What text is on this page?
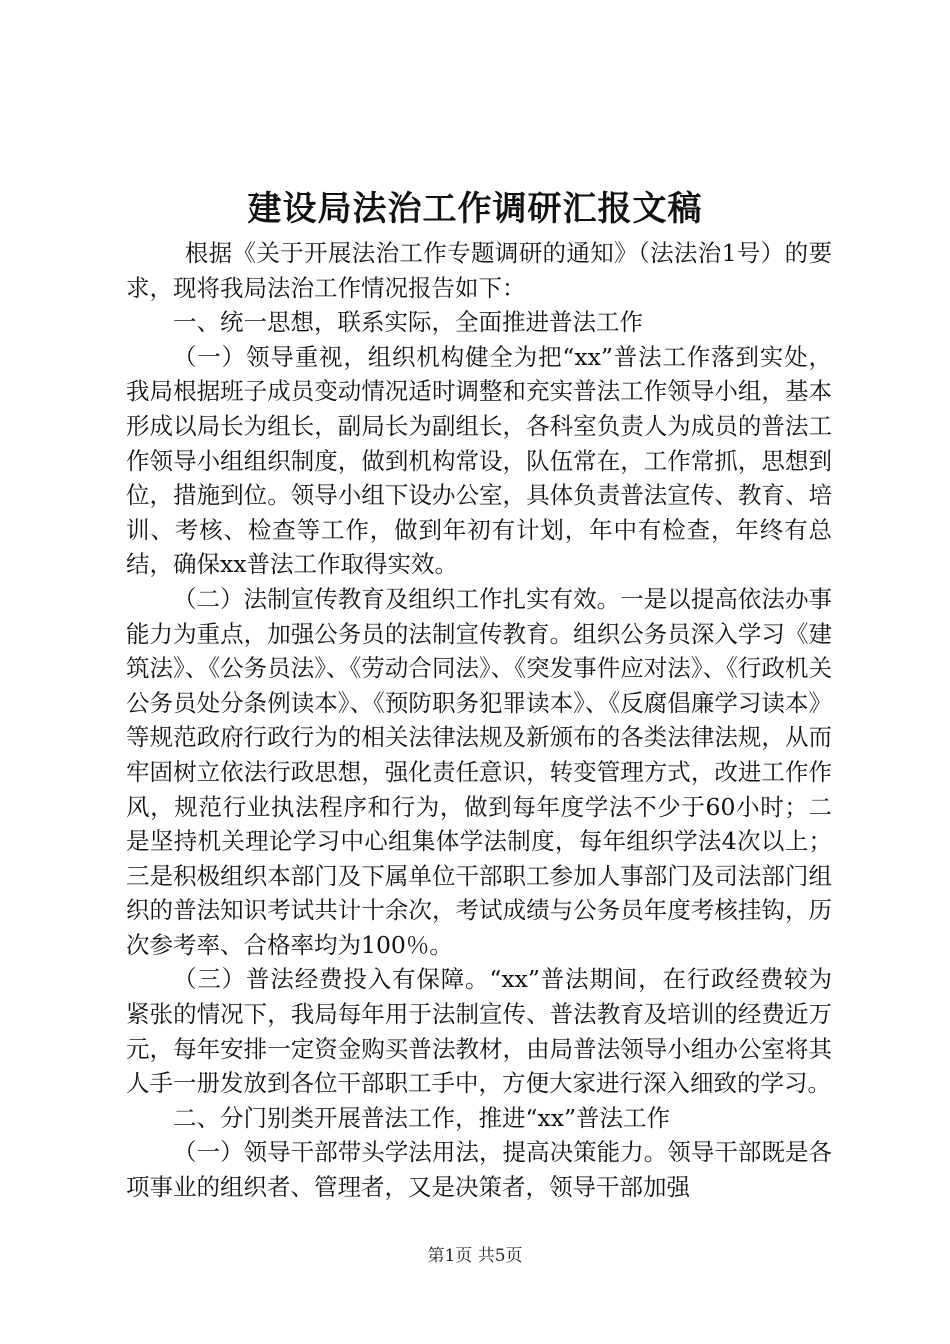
建设局法治工作调研汇报文稿

根据《关于开展法治工作专题调研的通知》（法法治1号）的要求，现将我局法治工作情况报告如下：

一、统一思想，联系实际，全面推进普法工作

（一）领导重视，组织机构健全为把“xx”普法工作落到实处，我局根据班子成员变动情况适时调整和充实普法工作领导小组，基本形成以局长为组长，副局长为副组长，各科室负责人为成员的普法工作领导小组组织制度，做到机构常设，队伍常在，工作常抓，思想到位，措施到位。领导小组下设办公室，具体负责普法宣传、教育、培训、考核、检查等工作，做到年初有计划，年中有检查，年终有总结，确保xx普法工作取得实效。

（二）法制宣传教育及组织工作扎实有效。一是以提高依法办事能力为重点，加强公务员的法制宣传教育。组织公务员深入学习《建筑法》、《公务员法》、《劳动合同法》、《突发事件应对法》、《行政机关公务员处分条例读本》、《预防职务犯罪读本》、《反腐倡廉学习读本》等规范政府行政行为的相关法律法规及新颁布的各类法律法规，从而牢固树立依法行政思想，强化责任意识，转变管理方式，改进工作作风，规范行业执法程序和行为，做到每年度学法不少于60小时；二是坚持机关理论学习中心组集体学法制度，每年组织学法4次以上；三是积极组织本部门及下属单位干部职工参加人事部门及司法部门组织的普法知识考试共计十余次，考试成绩与公务员年度考核挂钩，历次参考率、合格率均为100％。

（三）普法经费投入有保障。“xx”普法期间，在行政经费较为紧张的情况下，我局每年用于法制宣传、普法教育及培训的经费近万元，每年安排一定资金购买普法教材，由局普法领导小组办公室将其人手一册发放到各位干部职工手中，方便大家进行深入细致的学习。

二、分门别类开展普法工作，推进“xx”普法工作

（一）领导干部带头学法用法，提高决策能力。领导干部既是各项事业的组织者、管理者，又是决策者，领导干部加强

第1页 共5页
